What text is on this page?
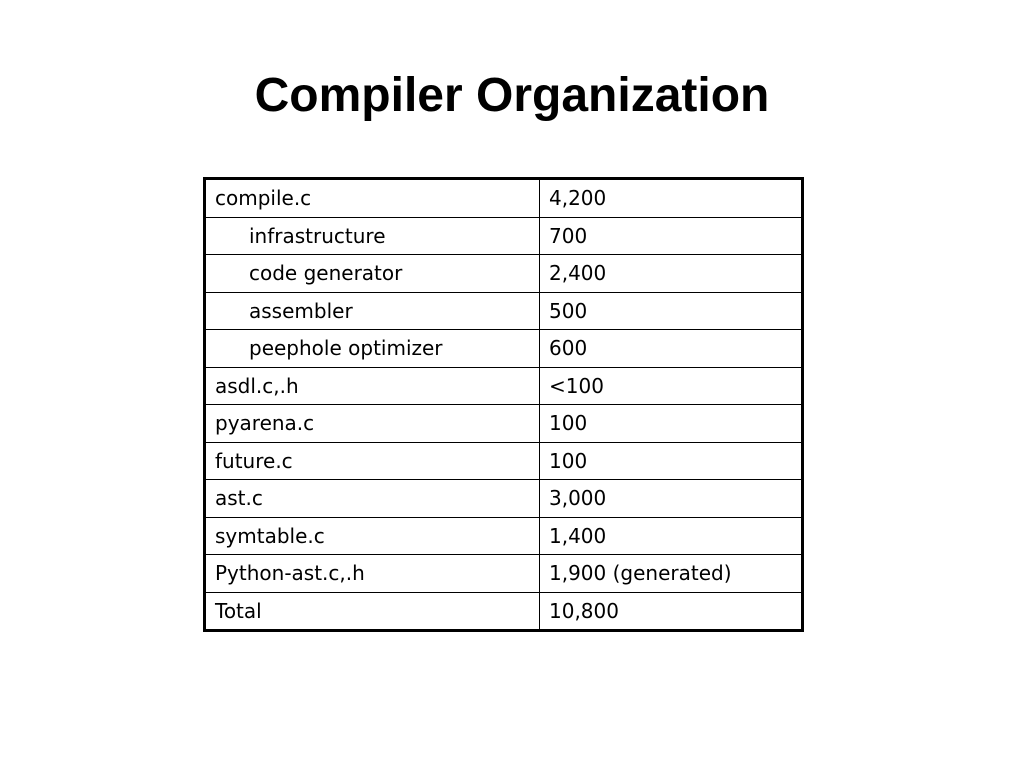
Compiler Organization
compile.c	4,200
infrastructure	700
code generator	2,400
assembler	500
peephole optimizer	600
asdl.c,.h	<100
pyarena.c	100
future.c	100
ast.c	3,000
symtable.c	1,400
Python-ast.c,.h	1,900 (generated)
Total	10,800
